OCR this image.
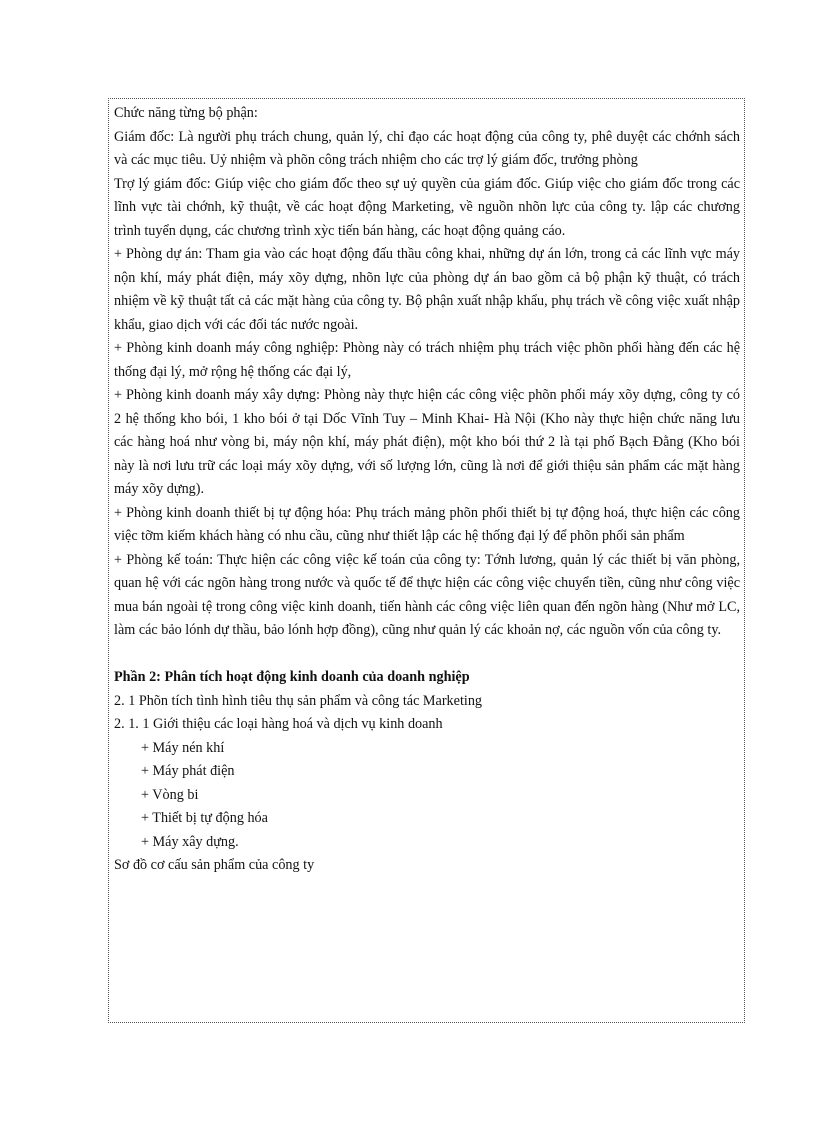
Chức năng từng bộ phận:

Giám đốc: Là người phụ trách chung, quản lý, chỉ đạo các hoạt động của công ty, phê duyệt các chớnh sách và các mục tiêu. Uỷ nhiệm và phõn công trách nhiệm cho các trợ lý giám đốc, trưởng phòng

Trợ lý giám đốc: Giúp việc cho giám đốc theo sự uỷ quyền của giám đốc. Giúp việc cho giám đốc trong các lĩnh vực tài chớnh, kỹ thuật, về các hoạt động Marketing, về nguồn nhõn lực của công ty. lập các chương trình tuyển dụng, các chương trình xỳc tiến bán hàng, các hoạt động quảng cáo.

+ Phòng dự án: Tham gia vào các hoạt động đấu thầu công khai, những dự án lớn, trong cả các lĩnh vực máy nộn khí, máy phát điện, máy xõy dựng, nhõn lực của phòng dự án bao gồm cả bộ phận kỹ thuật, có trách nhiệm về kỹ thuật tất cả các mặt hàng của công ty. Bộ phận xuất nhập khẩu, phụ trách về công việc xuất nhập khẩu, giao dịch với các đối tác nước ngoài.

+ Phòng kinh doanh máy công nghiệp: Phòng này có trách nhiệm phụ trách việc phõn phối hàng đến các hệ thống đại lý, mở rộng hệ thống các đại lý,

+ Phòng kinh doanh máy xây dựng: Phòng này thực hiện các công việc phõn phối máy xõy dựng, công ty có 2 hệ thống kho bói, 1 kho bói ở tại Dốc Vĩnh Tuy – Minh Khai- Hà Nội (Kho này thực hiện chức năng lưu các hàng hoá như vòng bi, máy nộn khí, máy phát điện), một kho bói thứ 2 là tại phố Bạch Đằng (Kho bói này là nơi lưu trữ các loại máy xõy dựng, với số lượng lớn, cũng là nơi để giới thiệu sản phẩm các mặt hàng máy xõy dựng).

+ Phòng kinh doanh thiết bị tự động hóa: Phụ trách mảng phõn phối thiết bị tự động hoá, thực hiện các công việc tỡm kiếm khách hàng có nhu cầu, cũng như thiết lập các hệ thống đại lý để phõn phối sản phẩm

+ Phòng kế toán: Thực hiện các công việc kế toán của công ty: Tớnh lương, quản lý các thiết bị văn phòng, quan hệ với các ngõn hàng trong nước và quốc tế để thực hiện các công việc chuyển tiền, cũng như công việc mua bán ngoài tệ trong công việc kinh doanh, tiến hành các công việc liên quan đến ngõn hàng (Như mở LC, làm các bảo lónh dự thầu, bảo lónh hợp đồng), cũng như quản lý các khoản nợ, các nguồn vốn của công ty.

Phần 2: Phân tích hoạt động kinh doanh của doanh nghiệp

2. 1 Phõn tích tình hình tiêu thụ sản phẩm và công tác Marketing

2. 1. 1 Giới thiệu các loại hàng hoá và dịch vụ kinh doanh

+ Máy nén khí
+ Máy phát điện
+ Vòng bi
+ Thiết bị tự động hóa
+ Máy xây dựng.

Sơ đồ cơ cấu sản phẩm của công ty
